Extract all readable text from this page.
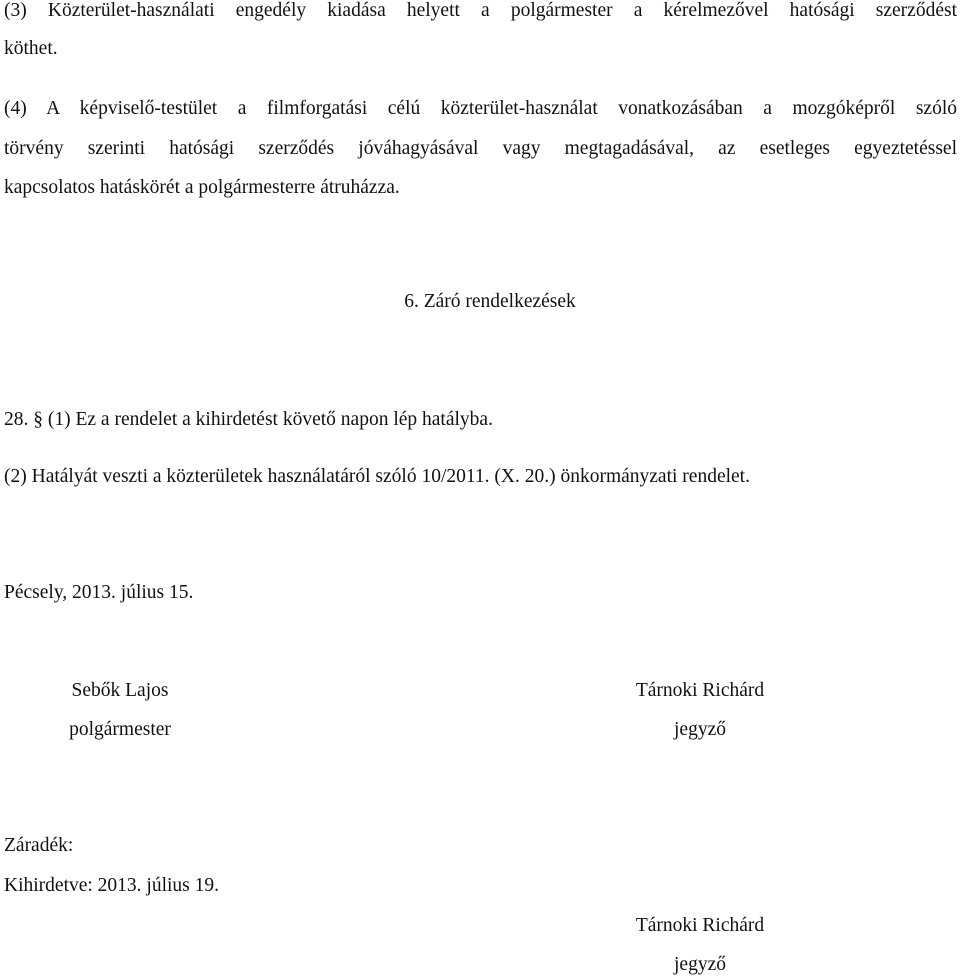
(3) Közterület-használati engedély kiadása helyett a polgármester a kérelmezővel hatósági szerződést
köthet.
(4) A képviselő-testület a filmforgatási célú közterület-használat vonatkozásában a mozgóképről szóló
törvény szerinti hatósági szerződés jóváhagyásával vagy megtagadásával, az esetleges egyeztetéssel
kapcsolatos hatáskörét a polgármesterre átruházza.
6. Záró rendelkezések
28. § (1) Ez a rendelet a kihirdetést követő napon lép hatályba.
(2) Hatályát veszti a közterületek használatáról szóló 10/2011. (X. 20.) önkormányzati rendelet.
Pécsely, 2013. július 15.
Sebők Lajos
polgármester
Tárnoki Richárd
jegyző
Záradék:
Kihirdetve: 2013. július 19.
Tárnoki Richárd
jegyző
